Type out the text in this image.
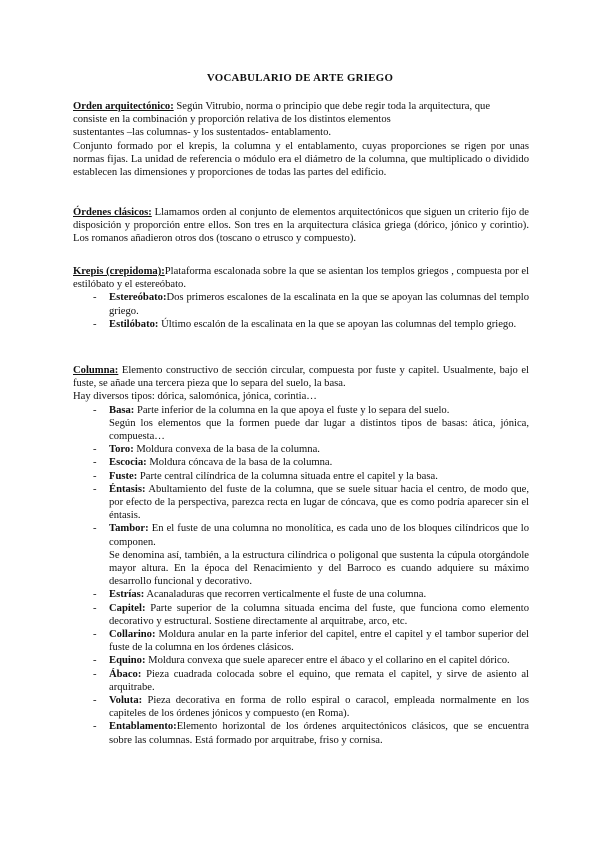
VOCABULARIO DE ARTE GRIEGO

Orden arquitectónico: Según Vitrubio, norma o principio que debe regir toda la arquitectura, que

consiste en la combinación y proporción relativa de los distintos elementos

sustentantes –las columnas- y los sustentados- entablamento.

Conjunto formado por el krepis, la columna y el entablamento, cuyas proporciones se rigen por unas normas fijas. La unidad de referencia o módulo era el diámetro de la columna, que multiplicado o dividido establecen las dimensiones y proporciones de todas las partes del edificio.

Órdenes clásicos: Llamamos orden al conjunto de elementos arquitectónicos que siguen un criterio fijo de disposición y proporción entre ellos. Son tres en la arquitectura clásica griega (dórico, jónico y corintio). Los romanos añadieron otros dos (toscano o etrusco y compuesto).

Krepis (crepidoma):Plataforma escalonada sobre la que se asientan los templos griegos , compuesta por el estilóbato y el estereóbato.

- Estereóbato:Dos primeros escalones de la escalinata en la que se apoyan las columnas del templo griego.
- Estilóbato: Último escalón de la escalinata en la que se apoyan las columnas del templo griego.

Columna: Elemento constructivo de sección circular, compuesta por fuste y capitel. Usualmente, bajo el fuste, se añade una tercera pieza que lo separa del suelo, la basa.

Hay diversos tipos: dórica, salomónica, jónica, corintia…

- Basa: Parte inferior de la columna en la que apoya el fuste y lo separa del suelo.
Según los elementos que la formen puede dar lugar a distintos tipos de basas: ática, jónica, compuesta…
- Toro: Moldura convexa de la basa de la columna.
- Escocia: Moldura cóncava de la basa de la columna.
- Fuste: Parte central cilíndrica de la columna situada entre el capitel y la basa.
- Éntasis: Abultamiento del fuste de la columna, que se suele situar hacia el centro, de modo que, por efecto de la perspectiva, parezca recta en lugar de cóncava, que es como podría aparecer sin el éntasis.
- Tambor: En el fuste de una columna no monolítica, es cada uno de los bloques cilíndricos que lo componen.
Se denomina así, también, a la estructura cilíndrica o poligonal que sustenta la cúpula otorgándole mayor altura. En la época del Renacimiento y del Barroco es cuando adquiere su máximo desarrollo funcional y decorativo.
- Estrías: Acanaladuras que recorren verticalmente el fuste de una columna.
- Capitel: Parte superior de la columna situada encima del fuste, que funciona como elemento decorativo y estructural. Sostiene directamente al arquitrabe, arco, etc.
- Collarino: Moldura anular en la parte inferior del capitel, entre el capitel y el tambor superior del fuste de la columna en los órdenes clásicos.
- Equino: Moldura convexa que suele aparecer entre el ábaco y el collarino en el capitel dórico.
- Ábaco: Pieza cuadrada colocada sobre el equino, que remata el capitel, y sirve de asiento al arquitrabe.
- Voluta: Pieza decorativa en forma de rollo espiral o caracol, empleada normalmente en los capiteles de los órdenes jónicos y compuesto (en Roma).
- Entablamento:Elemento horizontal de los órdenes arquitectónicos clásicos, que se encuentra sobre las columnas. Está formado por arquitrabe, friso y cornisa.
